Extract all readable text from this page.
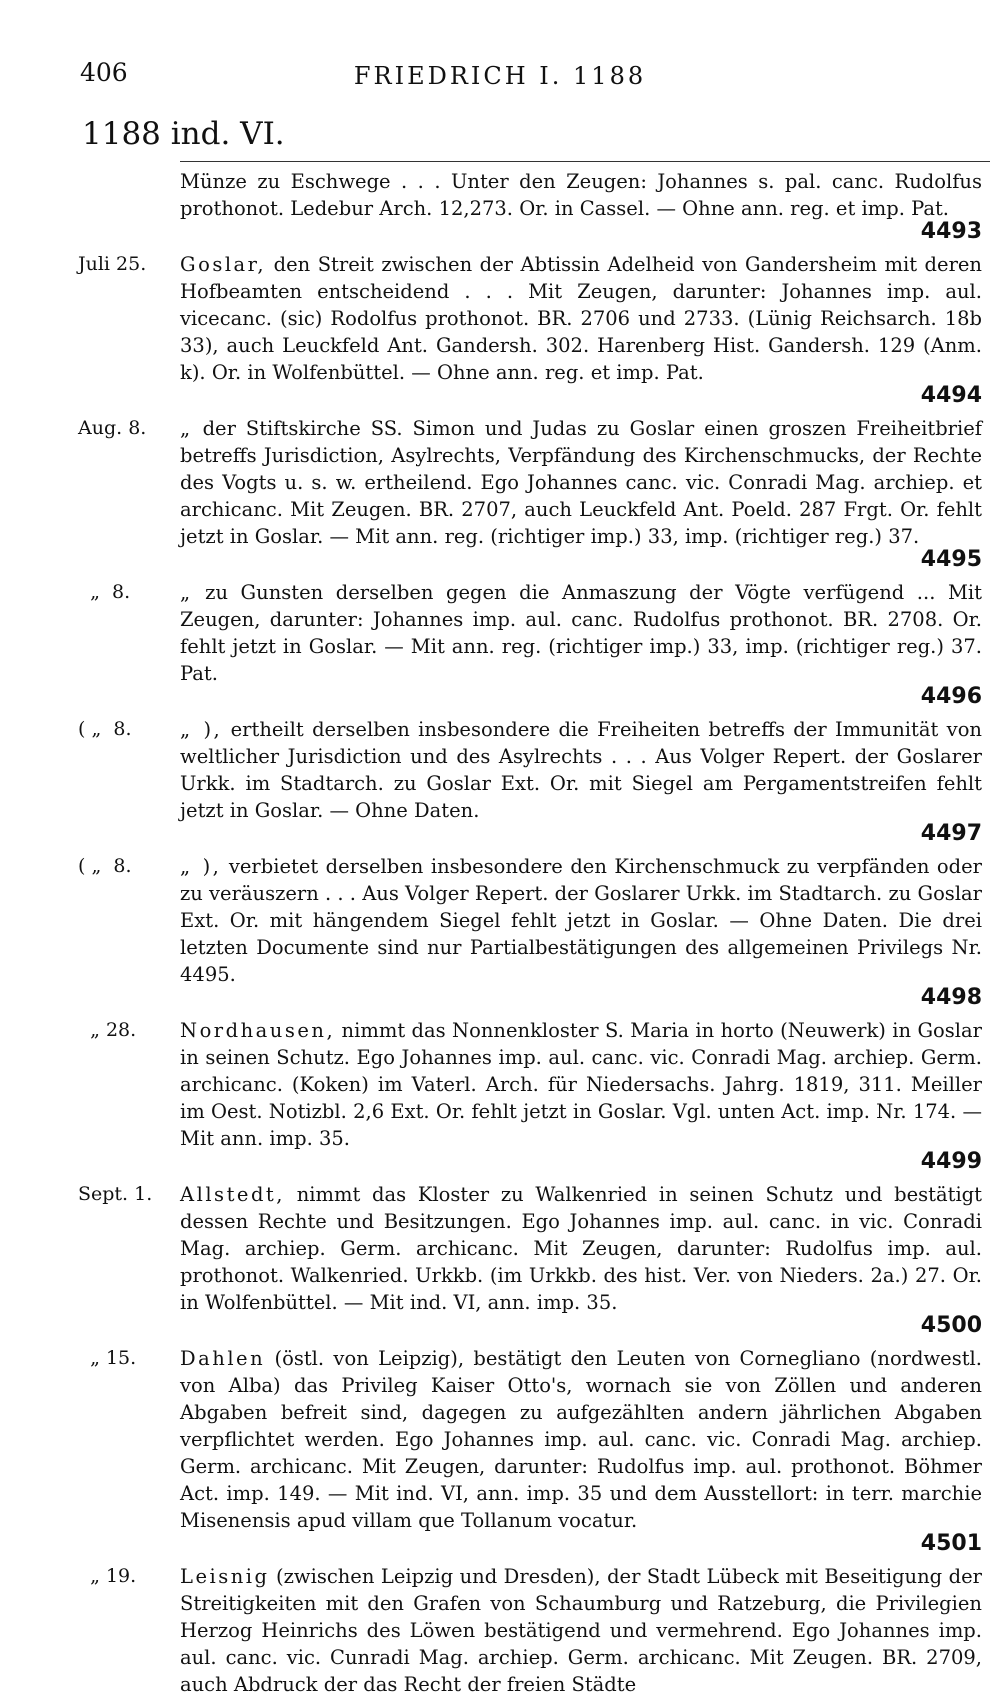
406	FRIEDRICH I. 1188
1188 ind. VI.
Münze zu Eschwege . . . Unter den Zeugen: Johannes s. pal. canc. Rudolfus prothonot. Ledebur Arch. 12,273. Or. in Cassel. — Ohne ann. reg. et imp. Pat.
4493
Juli 25.	Goslar, den Streit zwischen der Abtissin Adelheid von Gandersheim mit deren Hofbeamten entscheidend . . . Mit Zeugen, darunter: Johannes imp. aul. vicecanc. (sic) Rodolfus prothonot. BR. 2706 und 2733. (Lünig Reichsarch. 18b 33), auch Leuckfeld Ant. Gandersh. 302. Harenberg Hist. Gandersh. 129 (Anm. k). Or. in Wolfenbüttel. — Ohne ann. reg. et imp. Pat.
4494
Aug. 8.	„ der Stiftskirche SS. Simon und Judas zu Goslar einen groszen Freiheitbrief betreffs Jurisdiction, Asylrechts, Verpfändung des Kirchenschmucks, der Rechte des Vogts u. s. w. ertheilend. Ego Johannes canc. vic. Conradi Mag. archiep. et archicanc. Mit Zeugen. BR. 2707, auch Leuckfeld Ant. Poeld. 287 Frgt. Or. fehlt jetzt in Goslar. — Mit ann. reg. (richtiger imp.) 33, imp. (richtiger reg.) 37.
4495
„  8.	„ zu Gunsten derselben gegen die Anmaszung der Vögte verfügend ... Mit Zeugen, darunter: Johannes imp. aul. canc. Rudolfus prothonot. BR. 2708. Or. fehlt jetzt in Goslar. — Mit ann. reg. (richtiger imp.) 33, imp. (richtiger reg.) 37. Pat.
4496
( „  8.	„ ), ertheilt derselben insbesondere die Freiheiten betreffs der Immunität von weltlicher Jurisdiction und des Asylrechts . . . Aus Volger Repert. der Goslarer Urkk. im Stadtarch. zu Goslar Ext. Or. mit Siegel am Pergamentstreifen fehlt jetzt in Goslar. — Ohne Daten.
4497
( „  8.	„ ), verbietet derselben insbesondere den Kirchenschmuck zu verpfänden oder zu veräuszern . . . Aus Volger Repert. der Goslarer Urkk. im Stadtarch. zu Goslar Ext. Or. mit hängendem Siegel fehlt jetzt in Goslar. — Ohne Daten. Die drei letzten Documente sind nur Partialbestätigungen des allgemeinen Privilegs Nr. 4495.
4498
„ 28.	Nordhausen, nimmt das Nonnenkloster S. Maria in horto (Neuwerk) in Goslar in seinen Schutz. Ego Johannes imp. aul. canc. vic. Conradi Mag. archiep. Germ. archicanc. (Koken) im Vaterl. Arch. für Niedersachs. Jahrg. 1819, 311. Meiller im Oest. Notizbl. 2,6 Ext. Or. fehlt jetzt in Goslar. Vgl. unten Act. imp. Nr. 174. — Mit ann. imp. 35.
4499
Sept. 1.	Allstedt, nimmt das Kloster zu Walkenried in seinen Schutz und bestätigt dessen Rechte und Besitzungen. Ego Johannes imp. aul. canc. in vic. Conradi Mag. archiep. Germ. archicanc. Mit Zeugen, darunter: Rudolfus imp. aul. prothonot. Walkenried. Urkkb. (im Urkkb. des hist. Ver. von Nieders. 2a.) 27. Or. in Wolfenbüttel. — Mit ind. VI, ann. imp. 35.
4500
„ 15.	Dahlen (östl. von Leipzig), bestätigt den Leuten von Cornegliano (nordwestl. von Alba) das Privileg Kaiser Otto's, wornach sie von Zöllen und anderen Abgaben befreit sind, dagegen zu aufgezählten andern jährlichen Abgaben verpflichtet werden. Ego Johannes imp. aul. canc. vic. Conradi Mag. archiep. Germ. archicanc. Mit Zeugen, darunter: Rudolfus imp. aul. prothonot. Böhmer Act. imp. 149. — Mit ind. VI, ann. imp. 35 und dem Ausstellort: in terr. marchie Misenensis apud villam que Tollanum vocatur.
4501
„ 19.	Leisnig (zwischen Leipzig und Dresden), der Stadt Lübeck mit Beseitigung der Streitigkeiten mit den Grafen von Schaumburg und Ratzeburg, die Privilegien Herzog Heinrichs des Löwen bestätigend und vermehrend. Ego Johannes imp. aul. canc. vic. Cunradi Mag. archiep. Germ. archicanc. Mit Zeugen. BR. 2709, auch Abdruck der das Recht der freien Städte
